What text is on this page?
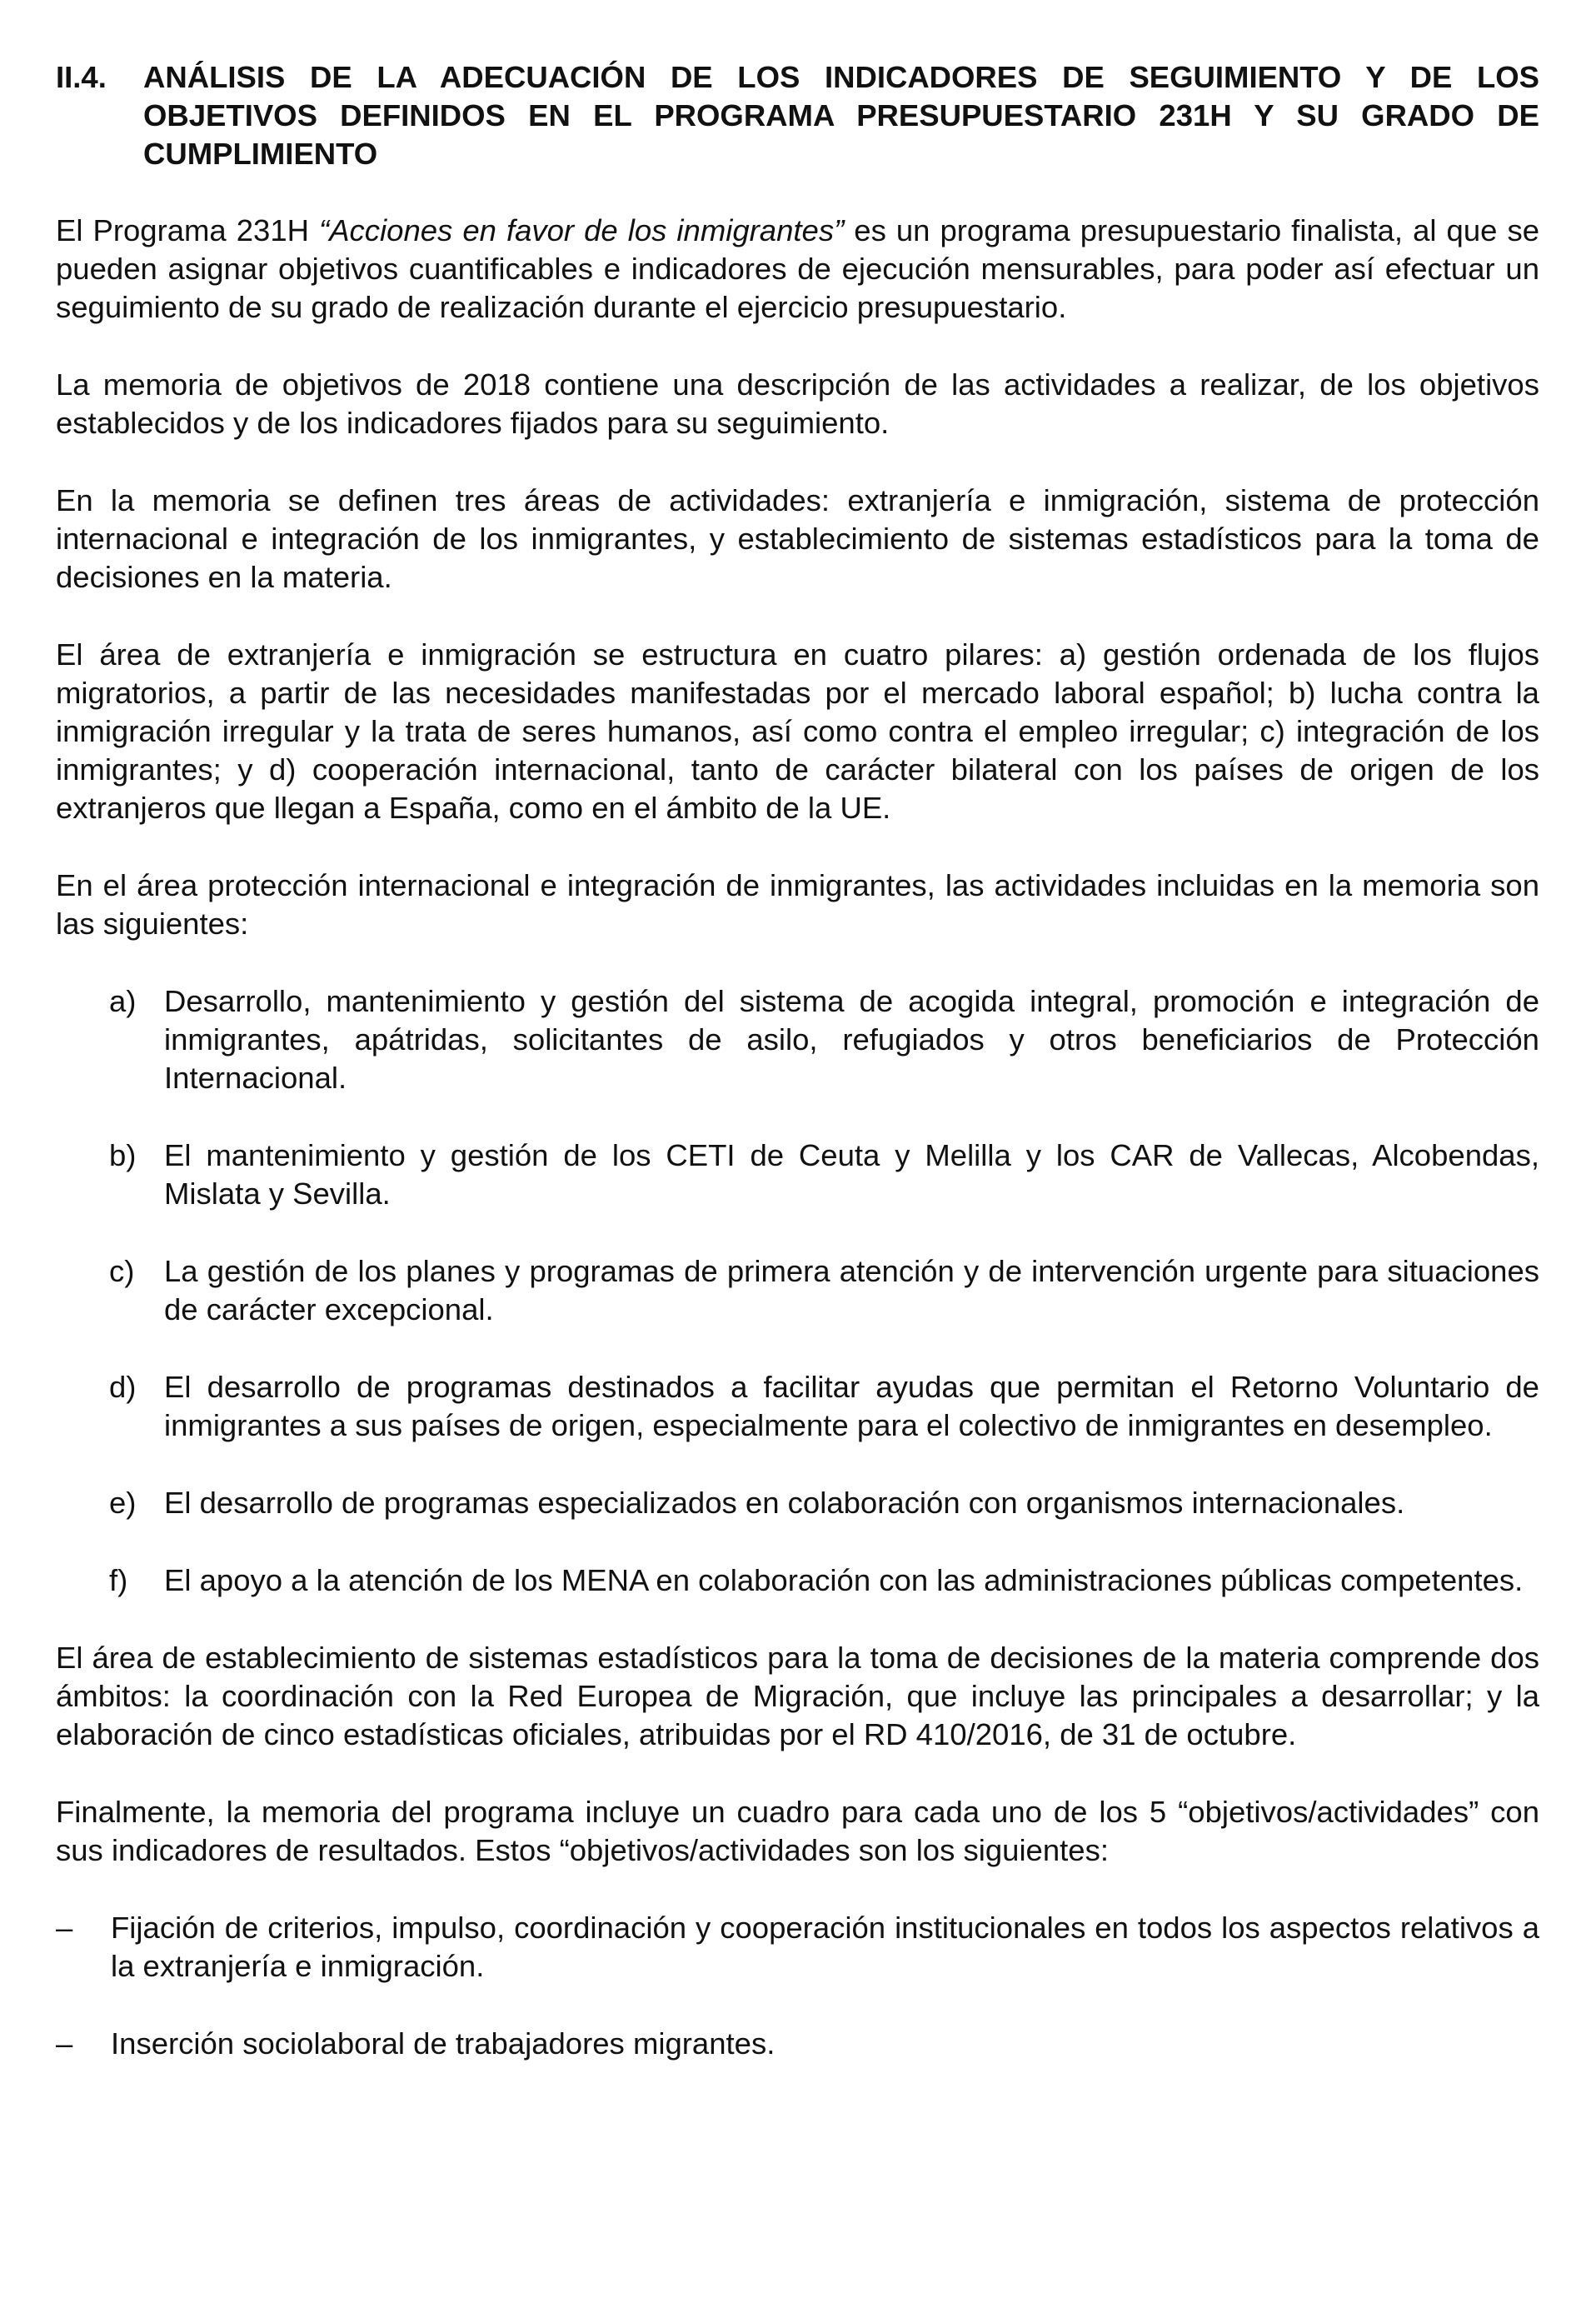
II.4.	ANÁLISIS DE LA ADECUACIÓN DE LOS INDICADORES DE SEGUIMIENTO Y DE LOS OBJETIVOS DEFINIDOS EN EL PROGRAMA PRESUPUESTARIO 231H Y SU GRADO DE CUMPLIMIENTO

El Programa 231H “Acciones en favor de los inmigrantes” es un programa presupuestario finalista, al que se pueden asignar objetivos cuantificables e indicadores de ejecución mensurables, para poder así efectuar un seguimiento de su grado de realización durante el ejercicio presupuestario.

La memoria de objetivos de 2018 contiene una descripción de las actividades a realizar, de los objetivos establecidos y de los indicadores fijados para su seguimiento.

En la memoria se definen tres áreas de actividades: extranjería e inmigración, sistema de protección internacional e integración de los inmigrantes, y establecimiento de sistemas estadísticos para la toma de decisiones en la materia.

El área de extranjería e inmigración se estructura en cuatro pilares: a) gestión ordenada de los flujos migratorios, a partir de las necesidades manifestadas por el mercado laboral español; b) lucha contra la inmigración irregular y la trata de seres humanos, así como contra el empleo irregular; c) integración de los inmigrantes; y d) cooperación internacional, tanto de carácter bilateral con los países de origen de los extranjeros que llegan a España, como en el ámbito de la UE.

En el área protección internacional e integración de inmigrantes, las actividades incluidas en la memoria son las siguientes:

a) Desarrollo, mantenimiento y gestión del sistema de acogida integral, promoción e integración de inmigrantes, apátridas, solicitantes de asilo, refugiados y otros beneficiarios de Protección Internacional.
b) El mantenimiento y gestión de los CETI de Ceuta y Melilla y los CAR de Vallecas, Alcobendas, Mislata y Sevilla.
c) La gestión de los planes y programas de primera atención y de intervención urgente para situaciones de carácter excepcional.
d) El desarrollo de programas destinados a facilitar ayudas que permitan el Retorno Voluntario de inmigrantes a sus países de origen, especialmente para el colectivo de inmigrantes en desempleo.
e) El desarrollo de programas especializados en colaboración con organismos internacionales.
f)	El apoyo a la atención de los MENA en colaboración con las administraciones públicas competentes.

El área de establecimiento de sistemas estadísticos para la toma de decisiones de la materia comprende dos ámbitos: la coordinación con la Red Europea de Migración, que incluye las principales a desarrollar; y la elaboración de cinco estadísticas oficiales, atribuidas por el RD 410/2016, de 31 de octubre.

Finalmente, la memoria del programa incluye un cuadro para cada uno de los 5 “objetivos/actividades” con sus indicadores de resultados. Estos “objetivos/actividades son los siguientes:

–	Fijación de criterios, impulso, coordinación y cooperación institucionales en todos los aspectos relativos a la extranjería e inmigración.
–	Inserción sociolaboral de trabajadores migrantes.
